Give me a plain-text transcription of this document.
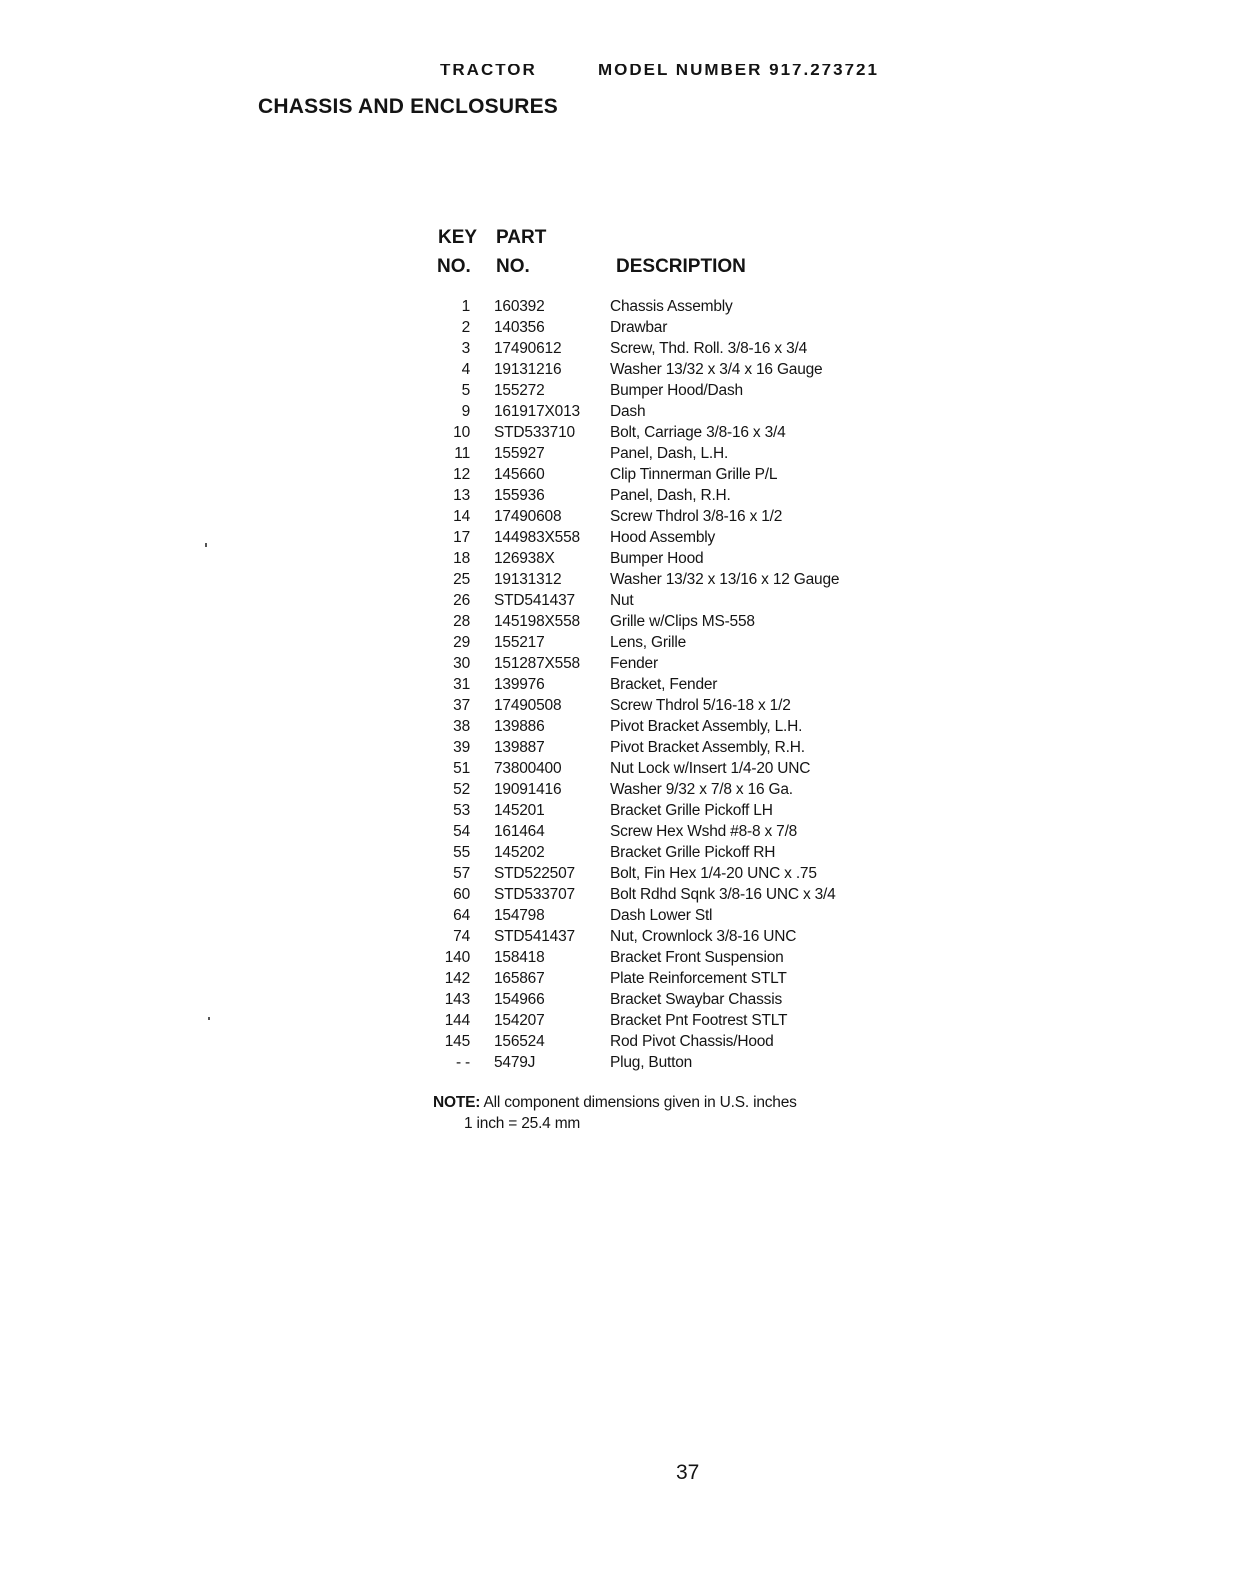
TRACTOR	MODEL NUMBER 917.273721
CHASSIS AND ENCLOSURES
KEY
NO.
PART
NO.	DESCRIPTION
1 160392	Chassis Assembly
2 140356	Drawbar
3 17490612	Screw, Thd. Roll. 3/8-16 x 3/4
4 19131216	Washer 13/32 x 3/4 x 16 Gauge
5 155272	Bumper Hood/Dash
9 161917X013 Dash
10 STD533710 Bolt, Carriage 3/8-16 x 3/4
11 155927	Panel, Dash, L.H.
12 145660	Clip Tinnerman Grille P/L
13 155936	Panel, Dash, R.H.
14 17490608	Screw Thdrol 3/8-16 x 1/2
17 144983X558 Hood Assembly
18 126938X	Bumper Hood
25 19131312	Washer 13/32 x 13/16 x 12 Gauge
26 STD541437 Nut
28 145198X558 Grille w/Clips MS-558
29 155217	Lens, Grille
30 151287X558 Fender
31 139976	Bracket, Fender
37 17490508	Screw Thdrol 5/16-18 x 1/2
38 139886	Pivot Bracket Assembly, L.H.
39 139887	Pivot Bracket Assembly, R.H.
51 73800400	Nut Lock w/Insert 1/4-20 UNC
52 19091416	Washer 9/32 x 7/8 x 16 Ga.
53 145201	Bracket Grille Pickoff LH
54 161464	Screw Hex Wshd #8-8 x 7/8
55 145202	Bracket Grille Pickoff RH
57 STD522507 Bolt, Fin Hex 1/4-20 UNC x .75
60 STD533707 Bolt Rdhd Sqnk 3/8-16 UNC x 3/4
64 154798	Dash Lower Stl
74 STD541437 Nut, Crownlock 3/8-16 UNC
140 158418	Bracket Front Suspension
142 165867	Plate Reinforcement STLT
143 154966	Bracket Swaybar Chassis
144 154207	Bracket Pnt Footrest STLT
145 156524	Rod Pivot Chassis/Hood
- - 5479J	Plug, Button
NOTE: All component dimensions given in U.S. inches
1 inch = 25.4 mm
37
